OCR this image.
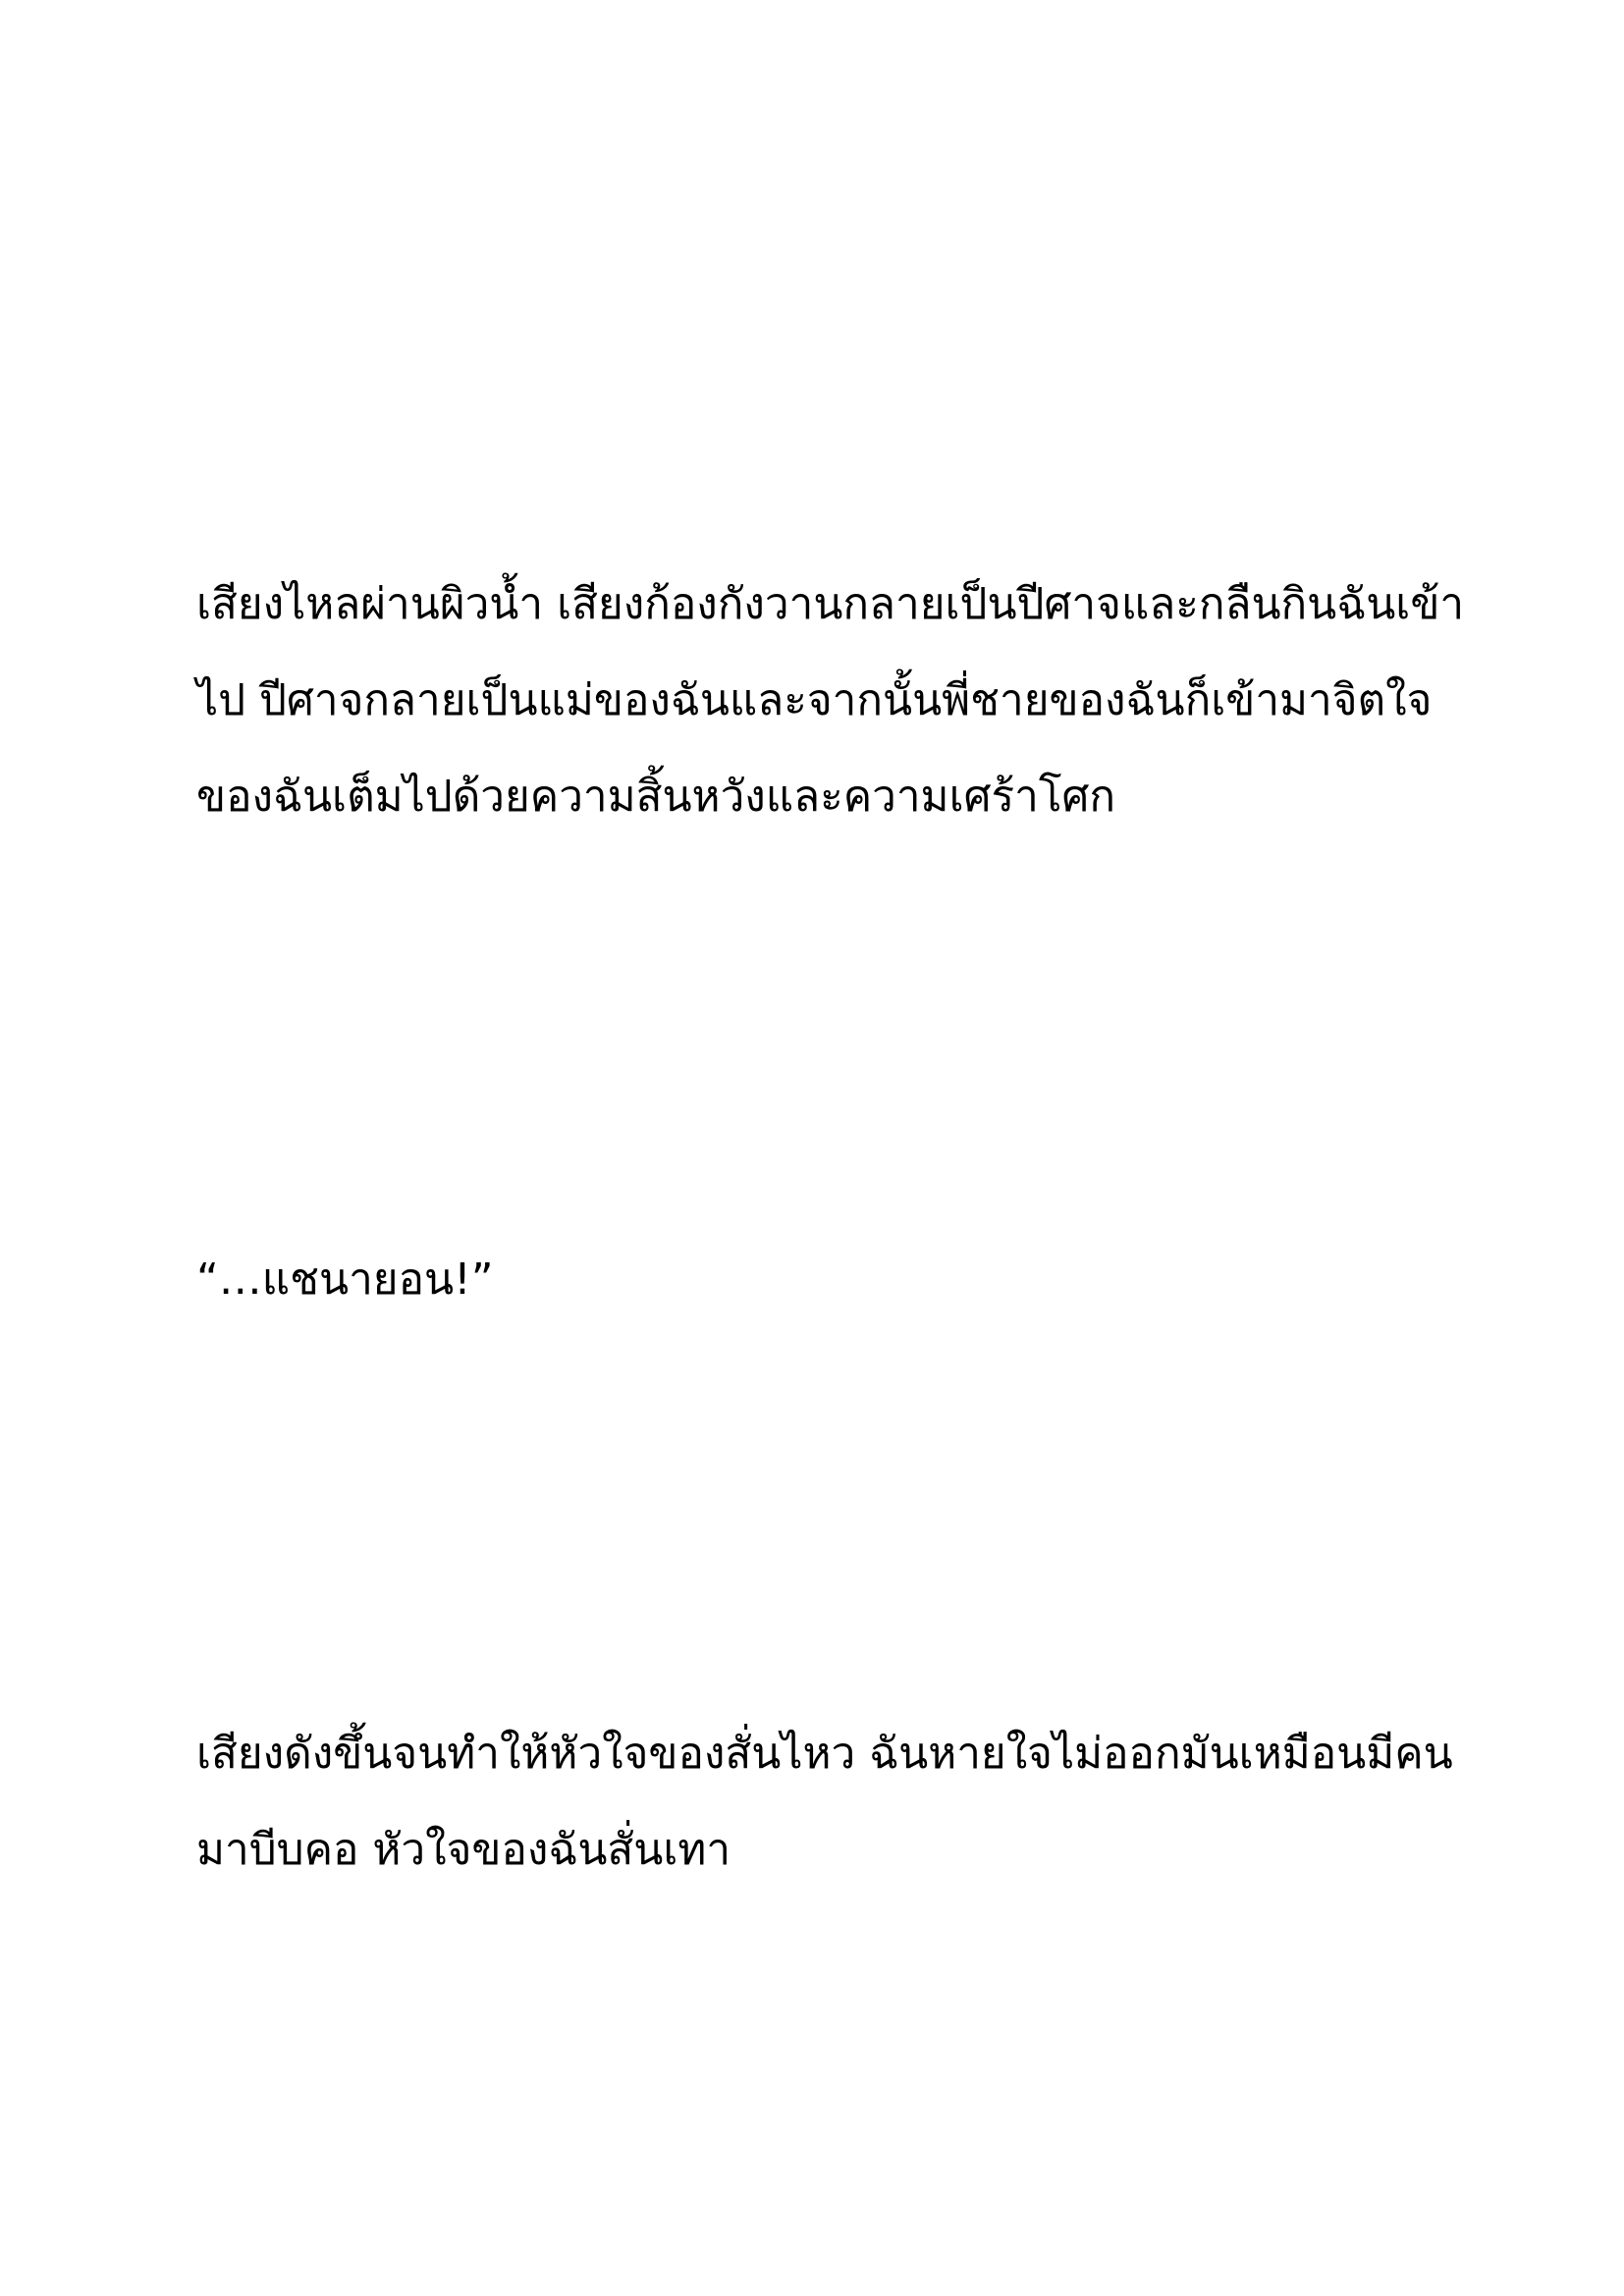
เสียงไหลผ่านผิวน้ำ เสียงก้องกังวานกลายเป็นปีศาจและกลืนกินฉันเข้า
ไป ปีศาจกลายเป็นแม่ของฉันและจากนั้นพี่ชายของฉันก็เข้ามาจิตใจ
ของฉันเต็มไปด้วยความสิ้นหวังและความเศร้าโศก
“…แชนายอน!”
เสียงดังขึ้นจนทำให้หัวใจของสั่นไหว ฉันหายใจไม่ออกมันเหมือนมีคน
มาบีบคอ หัวใจของฉันสั่นเทา
